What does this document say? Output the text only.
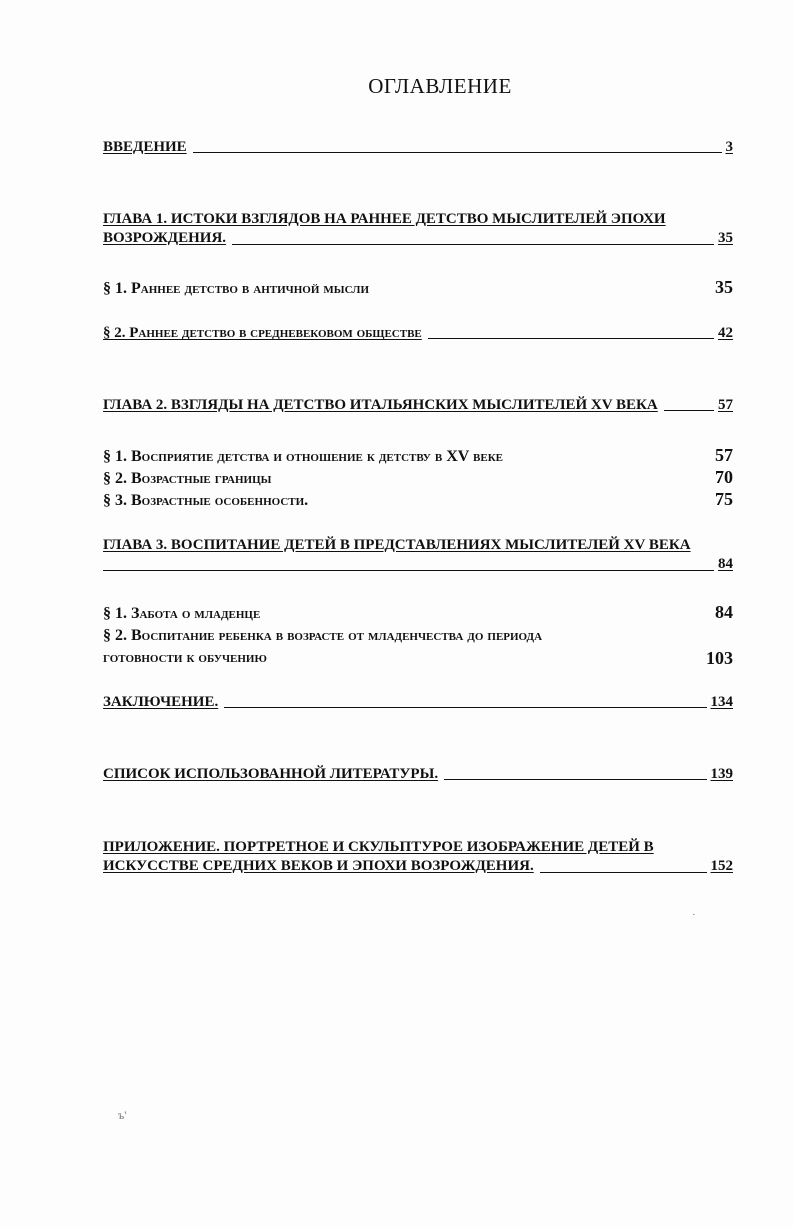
ОГЛАВЛЕНИЕ
ВВЕДЕНИЕ	3
ГЛАВА 1. ИСТОКИ ВЗГЛЯДОВ НА РАННЕЕ ДЕТСТВО МЫСЛИТЕЛЕЙ ЭПОХИ
ВОЗРОЖДЕНИЯ.	35
§ 1. Раннее детство в античной мысли	35
§ 2. Раннее детство в средневековом обществе	42
ГЛАВА 2. ВЗГЛЯДЫ НА ДЕТСТВО ИТАЛЬЯНСКИХ МЫСЛИТЕЛЕЙ XV ВЕКА	57
§ 1. Восприятие детства и отношение к детству в XV веке	57
§ 2. Возрастные границы	70
§ 3. Возрастные особенности.	75
ГЛАВА 3. ВОСПИТАНИЕ ДЕТЕЙ В ПРЕДСТАВЛЕНИЯХ МЫСЛИТЕЛЕЙ XV ВЕКА
84
§ 1. Забота о младенце	84
§ 2. Воспитание ребенка в возрасте от младенчества до периода
готовности к обучению	103
ЗАКЛЮЧЕНИЕ.	134
СПИСОК ИСПОЛЬЗОВАННОЙ ЛИТЕРАТУРЫ.	139
ПРИЛОЖЕНИЕ. ПОРТРЕТНОЕ И СКУЛЬПТУРОЕ ИЗОБРАЖЕНИЕ ДЕТЕЙ В
ИСКУССТВЕ СРЕДНИХ ВЕКОВ И ЭПОХИ ВОЗРОЖДЕНИЯ.	152
·
ъ'
